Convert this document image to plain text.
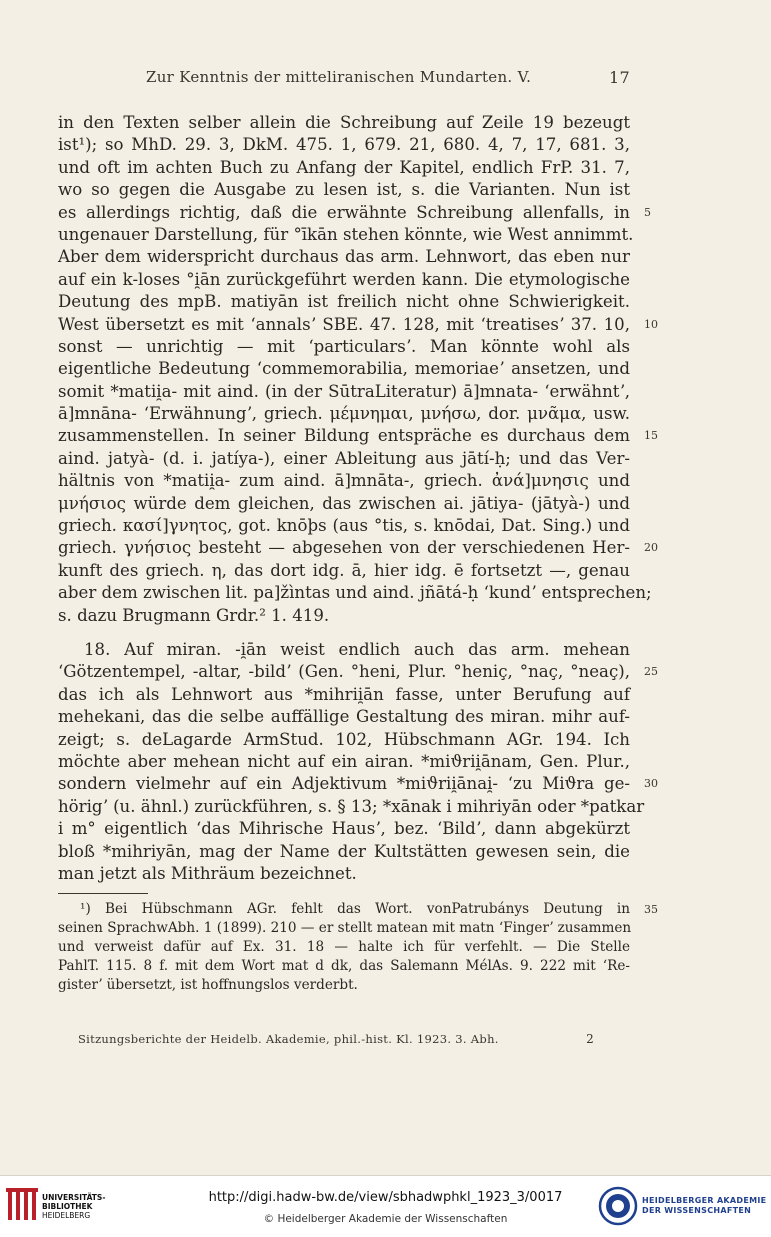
Zur Kenntnis der mitteliranischen Mundarten. V.	17
in den Texten selber allein die Schreibung auf Zeile 19 bezeugt
ist¹); so MhD. 29. 3, DkM. 475. 1, 679. 21, 680. 4, 7, 17, 681. 3,
und oft im achten Buch zu Anfang der Kapitel, endlich FrP. 31. 7,
wo so gegen die Ausgabe zu lesen ist, s. die Varianten. Nun ist
es allerdings richtig, daß die erwähnte Schreibung allenfalls, in 5
ungenauer Darstellung, für °īkān stehen könnte, wie West annimmt.
Aber dem widerspricht durchaus das arm. Lehnwort, das eben nur
auf ein k-loses °i̯ān zurückgeführt werden kann. Die etymologische
Deutung des mpB. matiyān ist freilich nicht ohne Schwierigkeit.
West übersetzt es mit ʻannalsʼ SBE. 47. 128, mit ʻtreatisesʼ 37. 10, 10
sonst — unrichtig — mit ʻparticularsʼ. Man könnte wohl als
eigentliche Bedeutung ʻcommemorabilia, memoriaeʼ ansetzen, und
somit *matii̯a- mit aind. (in der SūtraLiteratur) ā]mnata- ʻerwähntʼ,
ā]mnāna- ʻErwähnungʼ, griech. μέμνημαι, μνήσω, dor. μνᾶμα, usw.
zusammenstellen. In seiner Bildung entspräche es durchaus dem 15
aind. jatyà- (d. i. jatíya-), einer Ableitung aus jātí-ḥ; und das Ver-
hältnis von *matii̯a- zum aind. ā]mnāta-, griech. ἀνά]μνησις und
μνήσιος würde dem gleichen, das zwischen ai. jātiya- (jātyà-) und
griech. κασί]γνητος, got. knōþs (aus °tis, s. knōdai, Dat. Sing.) und
griech. γνήσιος besteht — abgesehen von der verschiedenen Her- 20
kunft des griech. η, das dort idg. ā, hier idg. ē fortsetzt —, genau
aber dem zwischen lit. pa]žìntas und aind. jñātá-ḥ ʻkundʼ entsprechen;
s. dazu Brugmann Grdr.² 1. 419.
18. Auf miran. -i̯ān weist endlich auch das arm. mehean
ʻGötzentempel, -altar, -bildʼ (Gen. °heni, Plur. °heniç, °naç, °neaç), 25
das ich als Lehnwort aus *mihrii̯ān fasse, unter Berufung auf
mehekani, das die selbe auffällige Gestaltung des miran. mihr auf-
zeigt; s. deLagarde ArmStud. 102, Hübschmann AGr. 194. Ich
möchte aber mehean nicht auf ein airan. *miϑrii̯ānam, Gen. Plur.,
sondern vielmehr auf ein Adjektivum *miϑrii̯ānai̯- ʻzu Miϑra ge- 30
hörigʼ (u. ähnl.) zurückführen, s. § 13; *xānak i mihriyān oder *patkar
i m° eigentlich ʻdas Mihrische Hausʼ, bez. ʻBildʼ, dann abgekürzt
bloß *mihriyān, mag der Name der Kultstätten gewesen sein, die
man jetzt als Mithräum bezeichnet.
¹) Bei Hübschmann AGr. fehlt das Wort. vonPatrubánys Deutung in 35
seinen SprachwAbh. 1 (1899). 210 — er stellt matean mit matn ʻFingerʼ zusammen
und verweist dafür auf Ex. 31. 18 — halte ich für verfehlt. — Die Stelle
PahlT. 115. 8 f. mit dem Wort mat d dk, das Salemann MélAs. 9. 222 mit ʻRe-
gisterʼ übersetzt, ist hoffnungslos verderbt.
Sitzungsberichte der Heidelb. Akademie, phil.-hist. Kl. 1923. 3. Abh.	2
UNIVERSITÄTS-
BIBLIOTHEK
HEIDELBERG
http://digi.hadw-bw.de/view/sbhadwphkl_1923_3/0017
© Heidelberger Akademie der Wissenschaften
HEIDELBERGER AKADEMIE
DER WISSENSCHAFTEN
